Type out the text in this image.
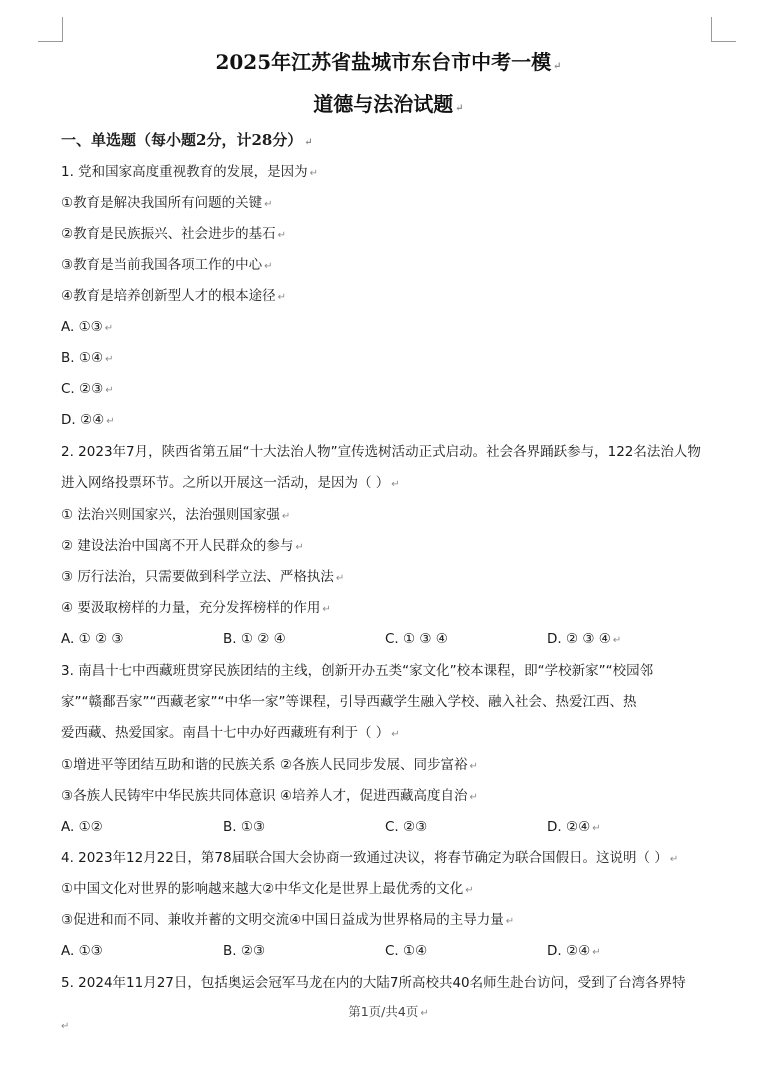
2025年江苏省盐城市东台市中考一模 ↵
道德与法治试题 ↵
一、单选题（每小题2分，计28分） ↵
1. 党和国家高度重视教育的发展，是因为 ↵
①教育是解决我国所有问题的关键 ↵
②教育是民族振兴、社会进步的基石 ↵
③教育是当前我国各项工作的中心 ↵
④教育是培养创新型人才的根本途径 ↵
A. ①③ ↵
B. ①④ ↵
C. ②③ ↵
D. ②④ ↵
2. 2023年7月，陕西省第五届“十大法治人物”宣传选树活动正式启动。社会各界踊跃参与，122名法治人物
进入网络投票环节。之所以开展这一活动，是因为（ ） ↵
① 法治兴则国家兴，法治强则国家强 ↵
② 建设法治中国离不开人民群众的参与 ↵
③ 厉行法治，只需要做到科学立法、严格执法 ↵
④ 要汲取榜样的力量，充分发挥榜样的作用 ↵
A. ① ② ③	B. ① ② ④	C. ① ③ ④	D. ② ③ ④ ↵
3. 南昌十七中西藏班贯穿民族团结的主线，创新开办五类“家文化”校本课程，即“学校新家”“校园邻
家”“赣鄱吾家”“西藏老家”“中华一家”等课程，引导西藏学生融入学校、融入社会、热爱江西、热
爱西藏、热爱国家。南昌十七中办好西藏班有利于（ ） ↵
①增进平等团结互助和谐的民族关系 ②各族人民同步发展、同步富裕 ↵
③各族人民铸牢中华民族共同体意识 ④培养人才，促进西藏高度自治 ↵
A. ①②	B. ①③	C. ②③	D. ②④ ↵
4. 2023年12月22日，第78届联合国大会协商一致通过决议，将春节确定为联合国假日。这说明（ ） ↵
①中国文化对世界的影响越来越大②中华文化是世界上最优秀的文化 ↵
③促进和而不同、兼收并蓄的文明交流④中国日益成为世界格局的主导力量 ↵
A. ①③	B. ②③	C. ①④	D. ②④ ↵
5. 2024年11月27日，包括奥运会冠军马龙在内的大陆7所高校共40名师生赴台访问，受到了台湾各界特
第1页/共4页 ↵
↵
